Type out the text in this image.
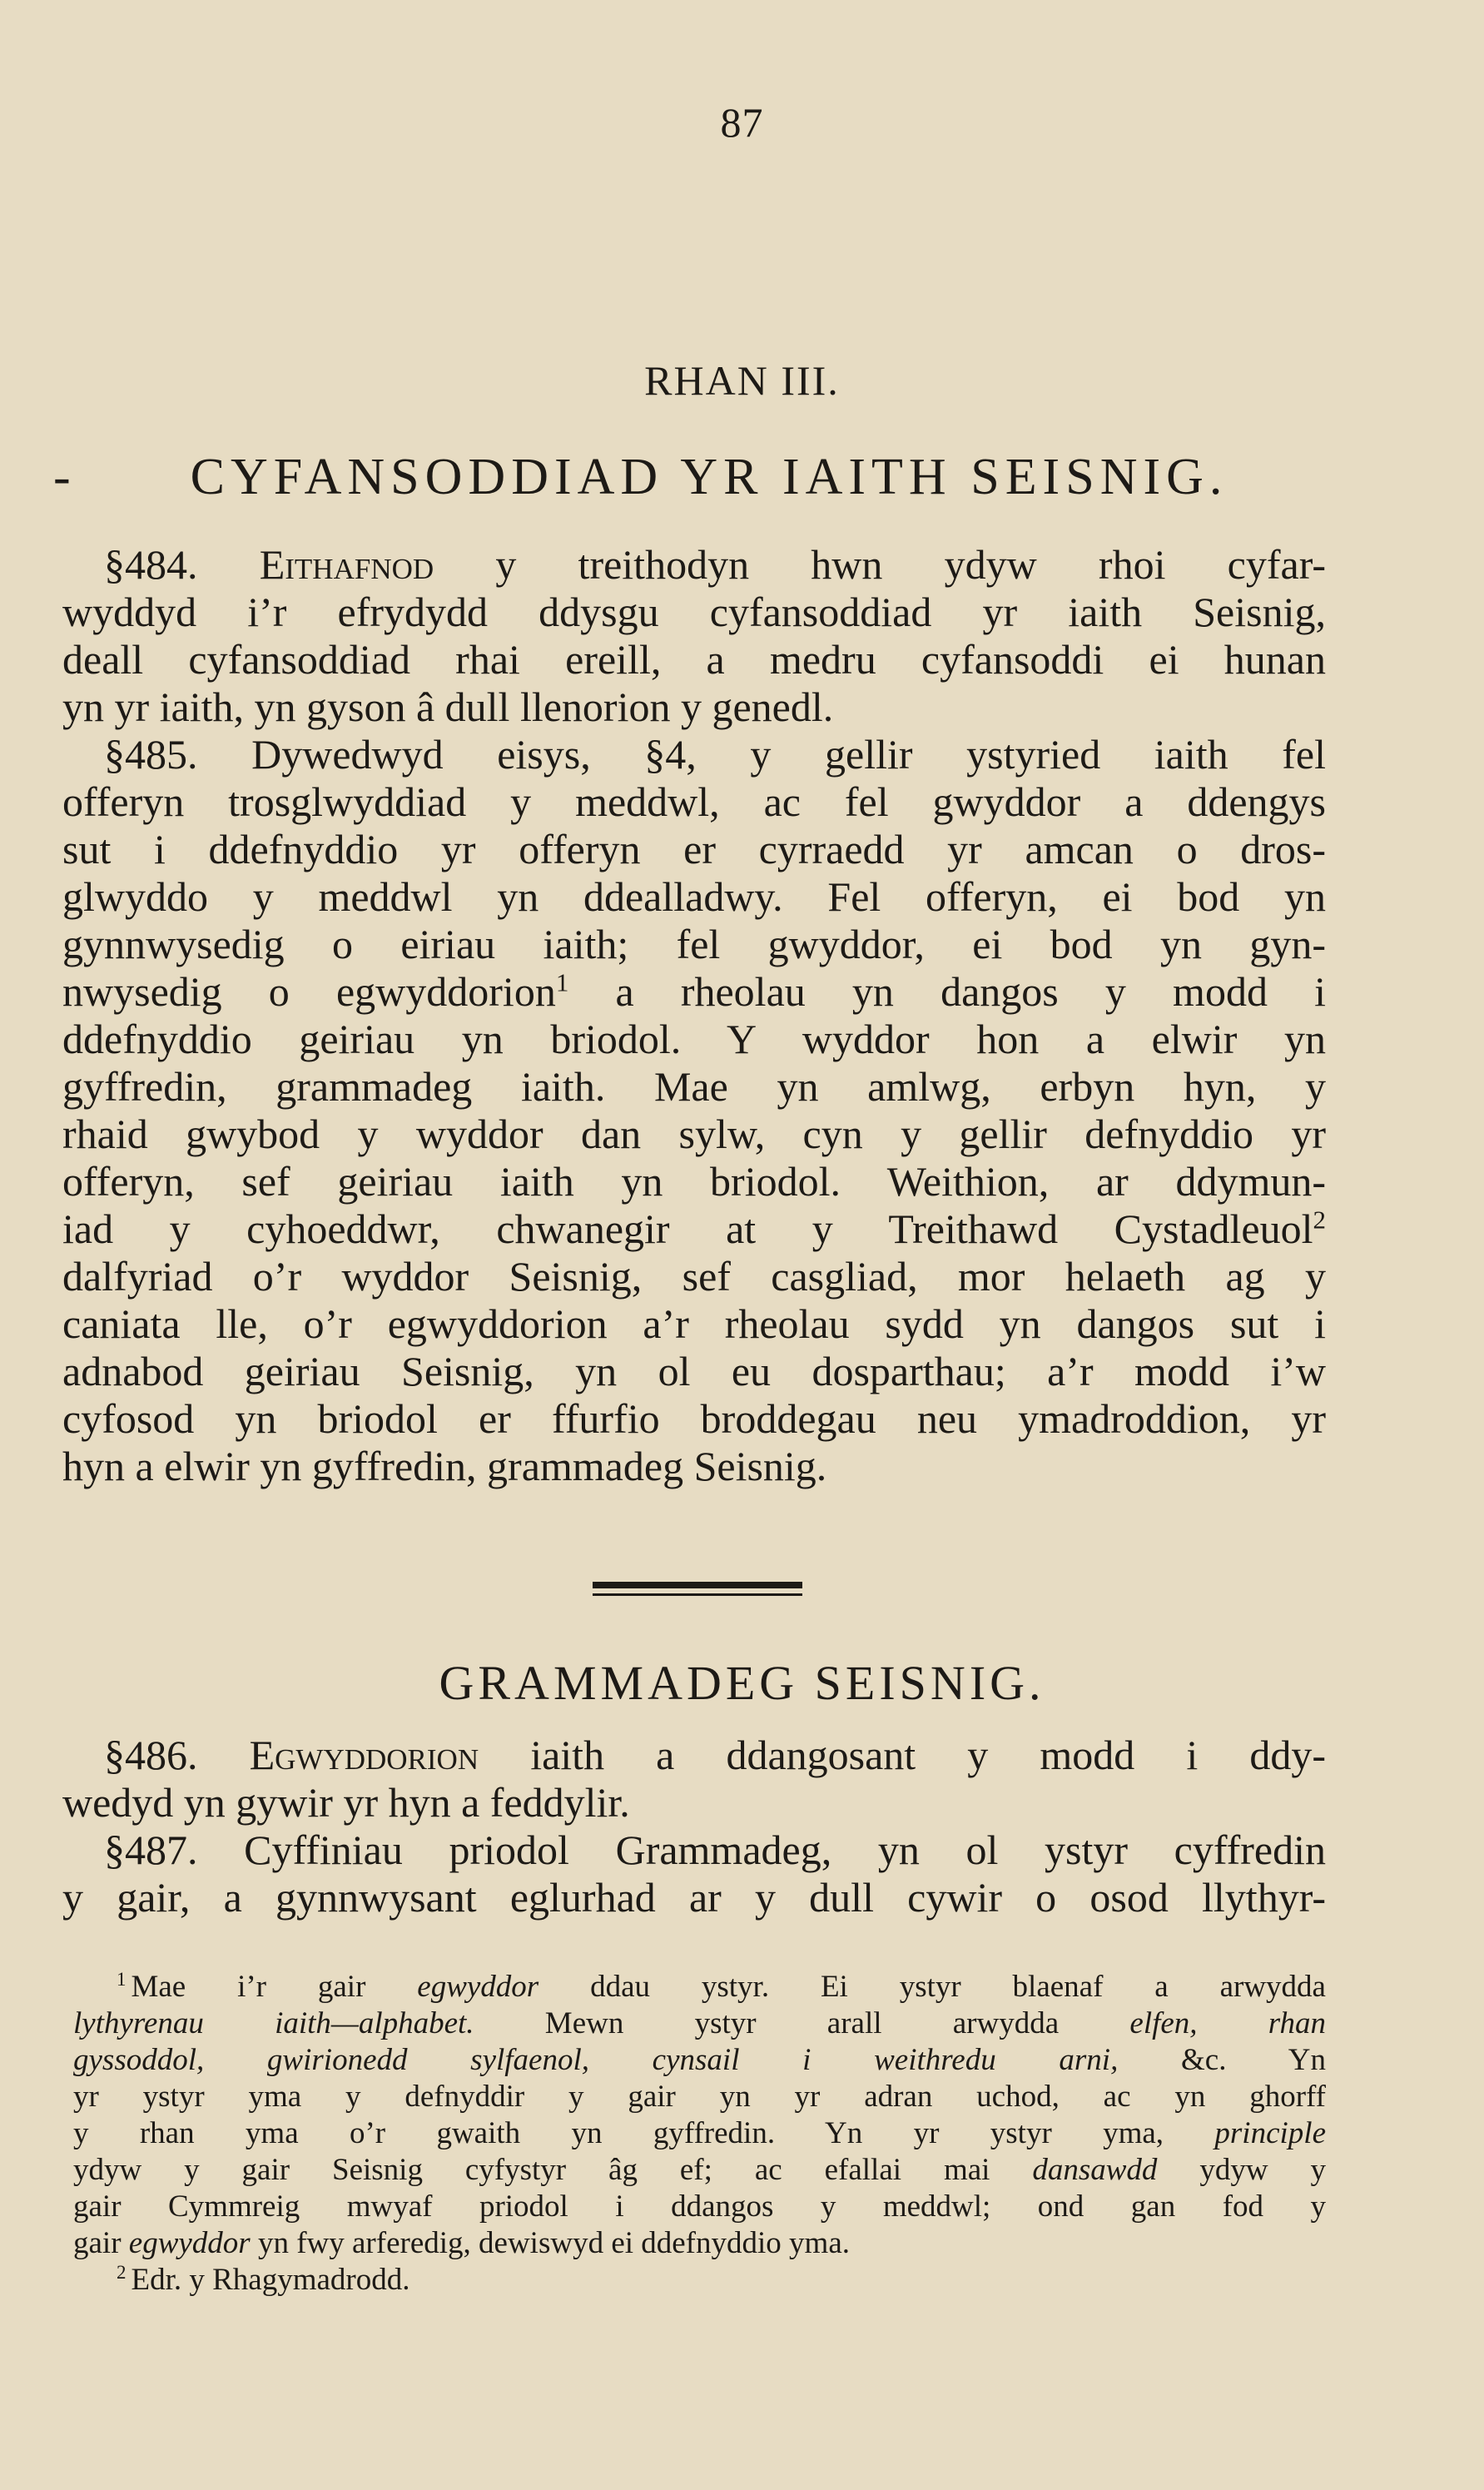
87
RHAN III.
- CYFANSODDIAD YR IAITH SEISNIG.
§484. Eithafnod y treithodyn hwn ydyw rhoi cyfar-
wyddyd i’r efrydydd ddysgu cyfansoddiad yr iaith Seisnig,
deall cyfansoddiad rhai ereill, a medru cyfansoddi ei hunan
yn yr iaith, yn gyson â dull llenorion y genedl.
§485. Dywedwyd eisys, §4, y gellir ystyried iaith fel
offeryn trosglwyddiad y meddwl, ac fel gwyddor a ddengys
sut i ddefnyddio yr offeryn er cyrraedd yr amcan o dros-
glwyddo y meddwl yn ddealladwy. Fel offeryn, ei bod yn
gynnwysedig o eiriau iaith; fel gwyddor, ei bod yn gyn-
nwysedig o egwyddorion$^1$ a rheolau yn dangos y modd i
ddefnyddio geiriau yn briodol. Y wyddor hon a elwir yn
gyffredin, grammadeg iaith. Mae yn amlwg, erbyn hyn, y
rhaid gwybod y wyddor dan sylw, cyn y gellir defnyddio yr
offeryn, sef geiriau iaith yn briodol. Weithion, ar ddymun-
iad y cyhoeddwr, chwanegir at y Treithawd Cystadleuol$^2$
dalfyriad o’r wyddor Seisnig, sef casgliad, mor helaeth ag y
caniata lle, o’r egwyddorion a’r rheolau sydd yn dangos sut i
adnabod geiriau Seisnig, yn ol eu dosparthau; a’r modd i’w
cyfosod yn briodol er ffurfio broddegau neu ymadroddion, yr
hyn a elwir yn gyffredin, grammadeg Seisnig.
GRAMMADEG SEISNIG.
§486. Egwyddorion iaith a ddangosant y modd i ddy-
wedyd yn gywir yr hyn a feddylir.
§487. Cyffiniau priodol Grammadeg, yn ol ystyr cyffredin
y gair, a gynnwysant eglurhad ar y dull cywir o osod llythyr-
$^1$ Mae i’r gair egwyddor ddau ystyr. Ei ystyr blaenaf a arwydda
lythyrenau iaith—alphabet. Mewn ystyr arall arwydda elfen, rhan
gyssoddol, gwirionedd sylfaenol, cynsail i weithredu arni, &c. Yn
yr ystyr yma y defnyddir y gair yn yr adran uchod, ac yn ghorff
y rhan yma o’r gwaith yn gyffredin. Yn yr ystyr yma, principle
ydyw y gair Seisnig cyfystyr âg ef; ac efallai mai dansawdd ydyw y
gair Cymmreig mwyaf priodol i ddangos y meddwl; ond gan fod y
gair egwyddor yn fwy arferedig, dewiswyd ei ddefnyddio yma.
$^2$ Edr. y Rhagymadrodd.
